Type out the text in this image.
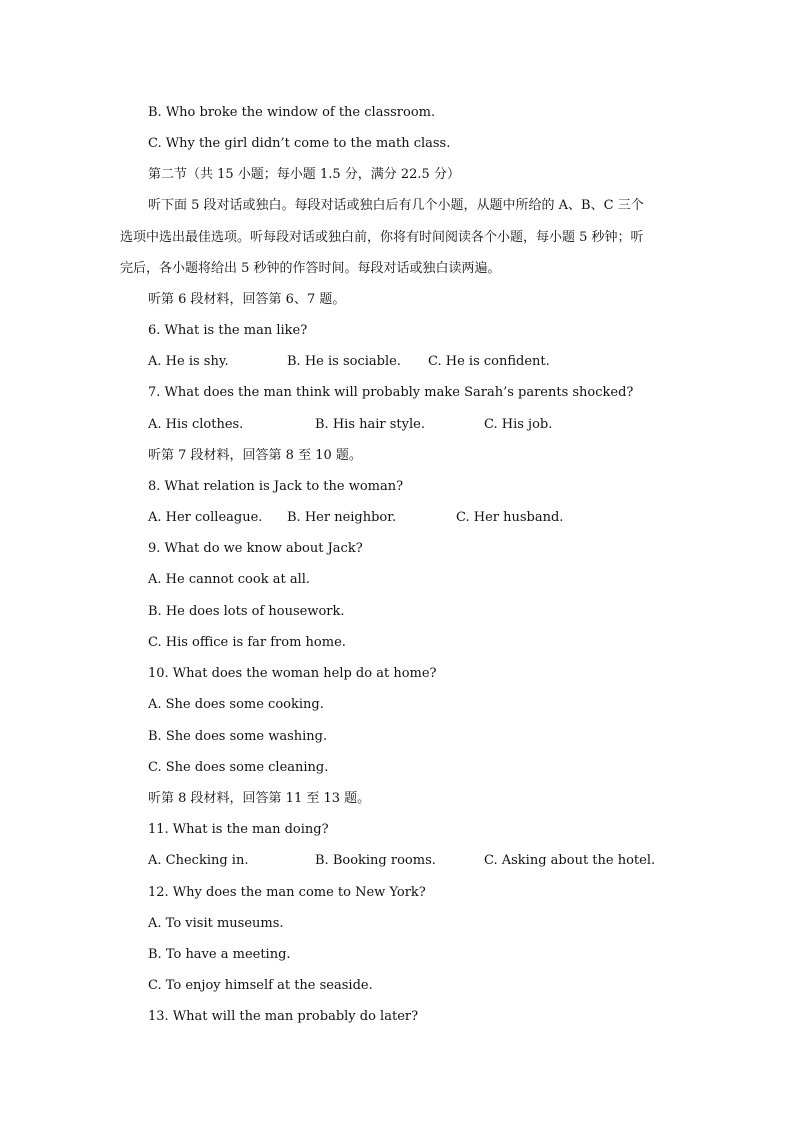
B. Who broke the window of the classroom.
C. Why the girl didn’t come to the math class.
第二节（共 15 小题；每小题 1.5 分，满分 22.5 分）
听下面 5 段对话或独白。每段对话或独白后有几个小题，从题中所给的 A、B、C 三个
选项中选出最佳选项。听每段对话或独白前，你将有时间阅读各个小题，每小题 5 秒钟；听
完后，各小题将给出 5 秒钟的作答时间。每段对话或独白读两遍。
听第 6 段材料，回答第 6、7 题。
6. What is the man like?
A. He is shy.	B. He is sociable. C. He is confident.
7. What does the man think will probably make Sarah’s parents shocked?
A. His clothes.	B. His hair style.	C. His job.
听第 7 段材料，回答第 8 至 10 题。
8. What relation is Jack to the woman?
A. Her colleague. B. Her neighbor.	C. Her husband.
9. What do we know about Jack?
A. He cannot cook at all.
B. He does lots of housework.
C. His office is far from home.
10. What does the woman help do at home?
A. She does some cooking.
B. She does some washing.
C. She does some cleaning.
听第 8 段材料，回答第 11 至 13 题。
11. What is the man doing?
A. Checking in.	B. Booking rooms.	C. Asking about the hotel.
12. Why does the man come to New York?
A. To visit museums.
B. To have a meeting.
C. To enjoy himself at the seaside.
13. What will the man probably do later?
